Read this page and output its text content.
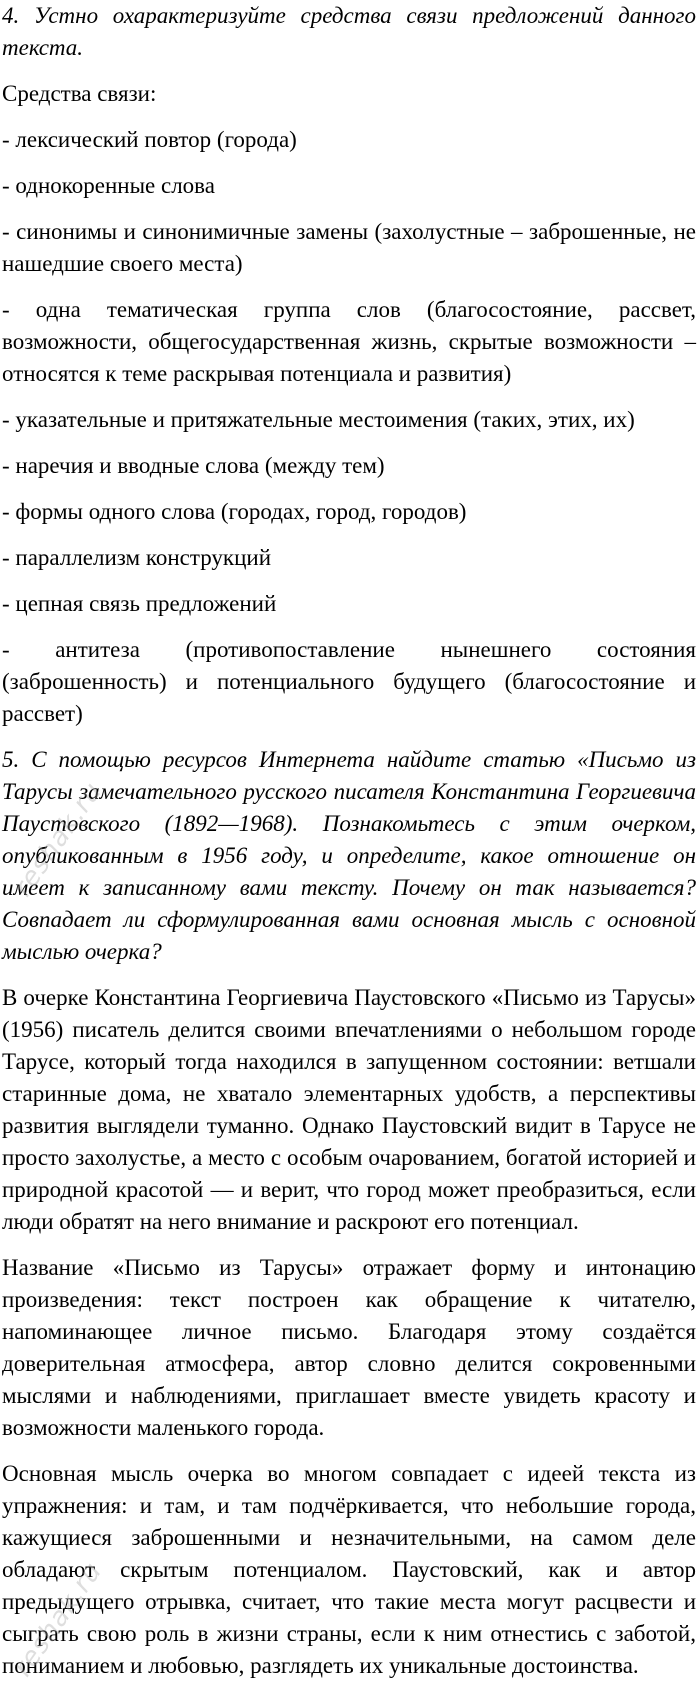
4. Устно охарактеризуйте средства связи предложений данного текста.

Средства связи:

- лексический повтор (города)

- однокоренные слова

- синонимы и синонимичные замены (захолустные – заброшенные, не нашедшие своего места)

- одна тематическая группа слов (благосостояние, рассвет, возможности, общегосударственная жизнь, скрытые возможности – относятся к теме раскрывая потенциала и развития)

- указательные и притяжательные местоимения (таких, этих, их)

- наречия и вводные слова (между тем)

- формы одного слова (городах, город, городов)

- параллелизм конструкций

- цепная связь предложений

- антитеза (противопоставление нынешнего состояния (заброшенность) и потенциального будущего (благосостояние и рассвет)

5. С помощью ресурсов Интернета найдите статью «Письмо из Тарусы замечательного русского писателя Константина Георгиевича Паустовского (1892—1968). Познакомьтесь с этим очерком, опубликованным в 1956 году, и определите, какое отношение он имеет к записанному вами тексту. Почему он так называется? Совпадает ли сформулированная вами основная мысль с основной мыслью очерка?

В очерке Константина Георгиевича Паустовского «Письмо из Тарусы» (1956) писатель делится своими впечатлениями о небольшом городе Тарусе, который тогда находился в запущенном состоянии: ветшали старинные дома, не хватало элементарных удобств, а перспективы развития выглядели туманно. Однако Паустовский видит в Тарусе не просто захолустье, а место с особым очарованием, богатой историей и природной красотой — и верит, что город может преобразиться, если люди обратят на него внимание и раскроют его потенциал.

Название «Письмо из Тарусы» отражает форму и интонацию произведения: текст построен как обращение к читателю, напоминающее личное письмо. Благодаря этому создаётся доверительная атмосфера, автор словно делится сокровенными мыслями и наблюдениями, приглашает вместе увидеть красоту и возможности маленького города.

Основная мысль очерка во многом совпадает с идеей текста из упражнения: и там, и там подчёркивается, что небольшие города, кажущиеся заброшенными и незначительными, на самом деле обладают скрытым потенциалом. Паустовский, как и автор предыдущего отрывка, считает, что такие места могут расцвести и сыграть свою роль в жизни страны, если к ним отнестись с заботой, пониманием и любовью, разглядеть их уникальные достоинства.

reshak.ru
reshak.ru
